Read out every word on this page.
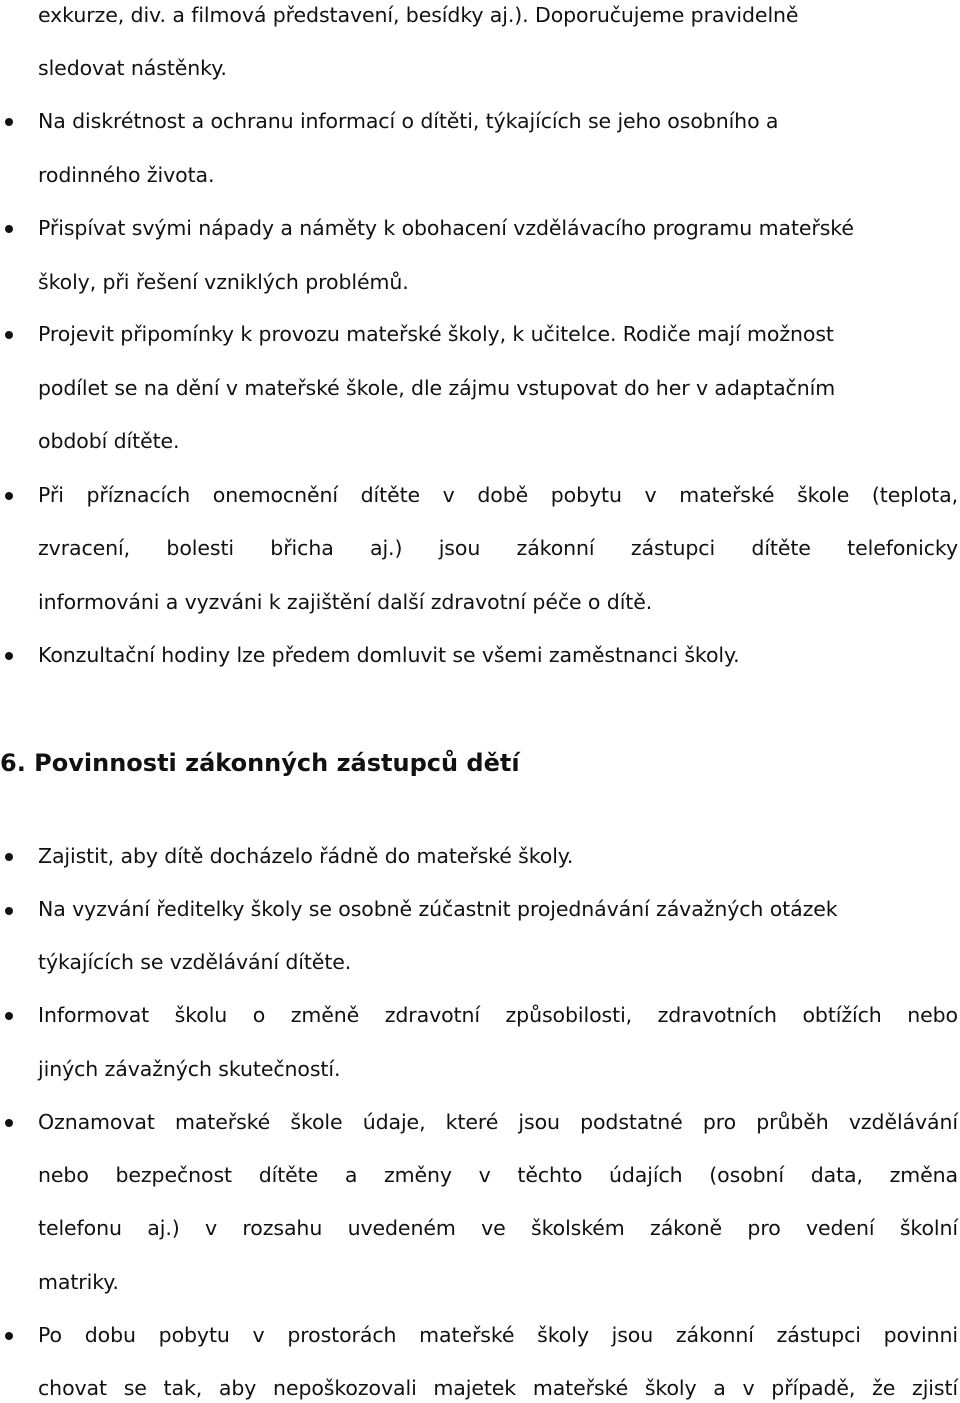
exkurze, div. a filmová představení, besídky aj.). Doporučujeme pravidelně
sledovat nástěnky.
Na diskrétnost a ochranu informací o dítěti, týkajících se jeho osobního a
rodinného života.
Přispívat svými nápady a náměty k obohacení vzdělávacího programu mateřské
školy, při řešení vzniklých problémů.
Projevit připomínky k provozu mateřské školy, k učitelce. Rodiče mají možnost
podílet se na dění v mateřské škole, dle zájmu vstupovat do her v adaptačním
období dítěte.
Při příznacích onemocnění dítěte v době pobytu v mateřské škole (teplota,
zvracení, bolesti břicha aj.) jsou zákonní zástupci dítěte telefonicky
informováni a vyzváni k zajištění další zdravotní péče o dítě.
Konzultační hodiny lze předem domluvit se všemi zaměstnanci školy.
6. Povinnosti zákonných zástupců dětí
Zajistit, aby dítě docházelo řádně do mateřské školy.
Na vyzvání ředitelky školy se osobně zúčastnit projednávání závažných otázek
týkajících se vzdělávání dítěte.
Informovat školu o změně zdravotní způsobilosti, zdravotních obtížích nebo
jiných závažných skutečností.
Oznamovat mateřské škole údaje, které jsou podstatné pro průběh vzdělávání
nebo bezpečnost dítěte a změny v těchto údajích (osobní data, změna
telefonu aj.) v rozsahu uvedeném ve školském zákoně pro vedení školní
matriky.
Po dobu pobytu v prostorách mateřské školy jsou zákonní zástupci povinni
chovat se tak, aby nepoškozovali majetek mateřské školy a v případě, že zjistí
